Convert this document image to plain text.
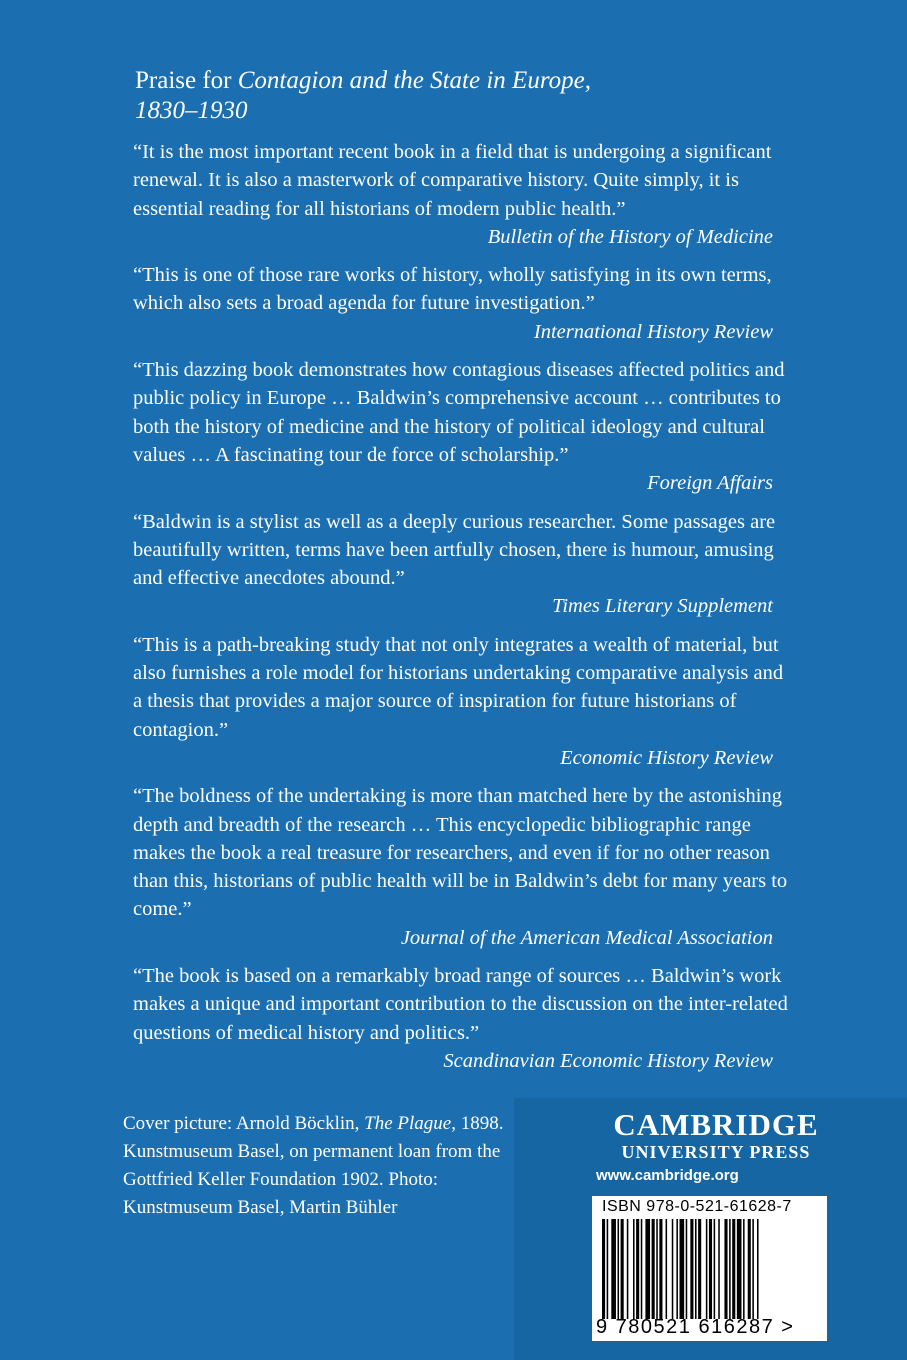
Praise for Contagion and the State in Europe,
1830–1930

“It is the most important recent book in a field that is undergoing a significant renewal. It is also a masterwork of comparative history. Quite simply, it is essential reading for all historians of modern public health.”

Bulletin of the History of Medicine

“This is one of those rare works of history, wholly satisfying in its own terms, which also sets a broad agenda for future investigation.”

International History Review

“This dazzing book demonstrates how contagious diseases affected politics and public policy in Europe … Baldwin’s comprehensive account … contributes to both the history of medicine and the history of political ideology and cultural values … A fascinating tour de force of scholarship.”

Foreign Affairs

“Baldwin is a stylist as well as a deeply curious researcher. Some passages are beautifully written, terms have been artfully chosen, there is humour, amusing and effective anecdotes abound.”

Times Literary Supplement

“This is a path-breaking study that not only integrates a wealth of material, but also furnishes a role model for historians undertaking comparative analysis and a thesis that provides a major source of inspiration for future historians of contagion.”

Economic History Review

“The boldness of the undertaking is more than matched here by the astonishing depth and breadth of the research … This encyclopedic bibliographic range makes the book a real treasure for researchers, and even if for no other reason than this, historians of public health will be in Baldwin’s debt for many years to come.”

Journal of the American Medical Association

“The book is based on a remarkably broad range of sources … Baldwin’s work makes a unique and important contribution to the discussion on the inter-related questions of medical history and politics.”

Scandinavian Economic History Review

Cover picture: Arnold Böcklin, The Plague, 1898. Kunstmuseum Basel, on permanent loan from the Gottfried Keller Foundation 1902. Photo: Kunstmuseum Basel, Martin Bühler

CAMBRIDGE

UNIVERSITY PRESS

www.cambridge.org

ISBN 978-0-521-61628-7

9 780521 616287 >
